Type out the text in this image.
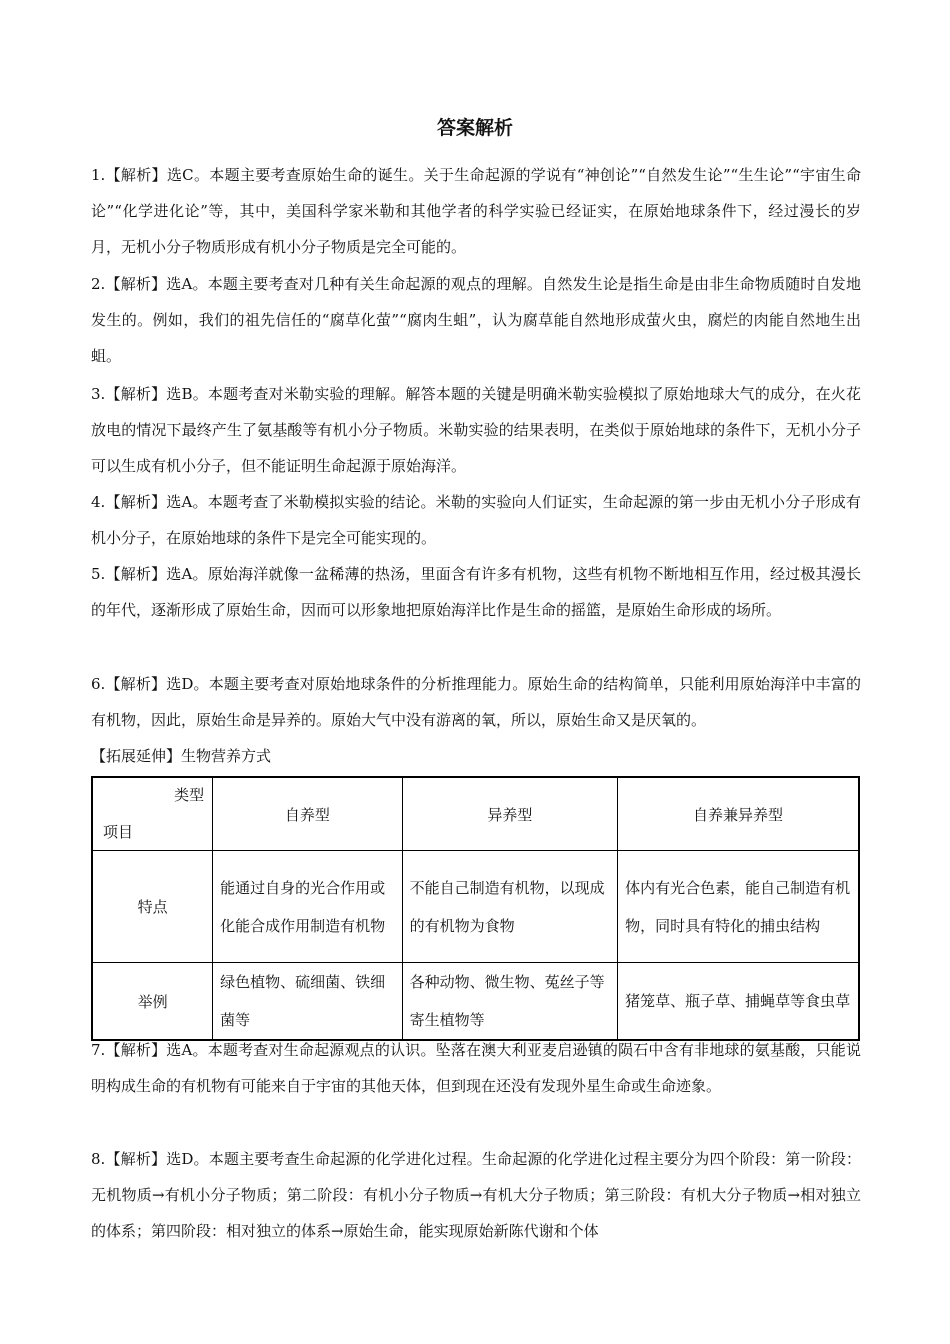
答案解析

1.【解析】选C。本题主要考查原始生命的诞生。关于生命起源的学说有“神创论”“自然发生论”“生生论”“宇宙生命论”“化学进化论”等，其中，美国科学家米勒和其他学者的科学实验已经证实，在原始地球条件下，经过漫长的岁月，无机小分子物质形成有机小分子物质是完全可能的。

2.【解析】选A。本题主要考查对几种有关生命起源的观点的理解。自然发生论是指生命是由非生命物质随时自发地发生的。例如，我们的祖先信任的“腐草化萤”“腐肉生蛆”，认为腐草能自然地形成萤火虫，腐烂的肉能自然地生出蛆。

3.【解析】选B。本题考查对米勒实验的理解。解答本题的关键是明确米勒实验模拟了原始地球大气的成分，在火花放电的情况下最终产生了氨基酸等有机小分子物质。米勒实验的结果表明，在类似于原始地球的条件下，无机小分子可以生成有机小分子，但不能证明生命起源于原始海洋。

4.【解析】选A。本题考查了米勒模拟实验的结论。米勒的实验向人们证实，生命起源的第一步由无机小分子形成有机小分子，在原始地球的条件下是完全可能实现的。

5.【解析】选A。原始海洋就像一盆稀薄的热汤，里面含有许多有机物，这些有机物不断地相互作用，经过极其漫长的年代，逐渐形成了原始生命，因而可以形象地把原始海洋比作是生命的摇篮，是原始生命形成的场所。

6.【解析】选D。本题主要考查对原始地球条件的分析推理能力。原始生命的结构简单，只能利用原始海洋中丰富的有机物，因此，原始生命是异养的。原始大气中没有游离的氧，所以，原始生命又是厌氧的。

【拓展延伸】生物营养方式
类型
项目	自养型	异养型	自养兼异养型
特点	能通过自身的光合作用或化能合成作用制造有机物	不能自己制造有机物，以现成的有机物为食物	体内有光合色素，能自己制造有机物，同时具有特化的捕虫结构
举例	绿色植物、硫细菌、铁细菌等	各种动物、微生物、菟丝子等寄生植物等	猪笼草、瓶子草、捕蝇草等食虫草

7.【解析】选A。本题考查对生命起源观点的认识。坠落在澳大利亚麦启逊镇的陨石中含有非地球的氨基酸，只能说明构成生命的有机物有可能来自于宇宙的其他天体，但到现在还没有发现外星生命或生命迹象。

8.【解析】选D。本题主要考查生命起源的化学进化过程。生命起源的化学进化过程主要分为四个阶段：第一阶段：无机物质→有机小分子物质；第二阶段：有机小分子物质→有机大分子物质；第三阶段：有机大分子物质→相对独立的体系；第四阶段：相对独立的体系→原始生命，能实现原始新陈代谢和个体
